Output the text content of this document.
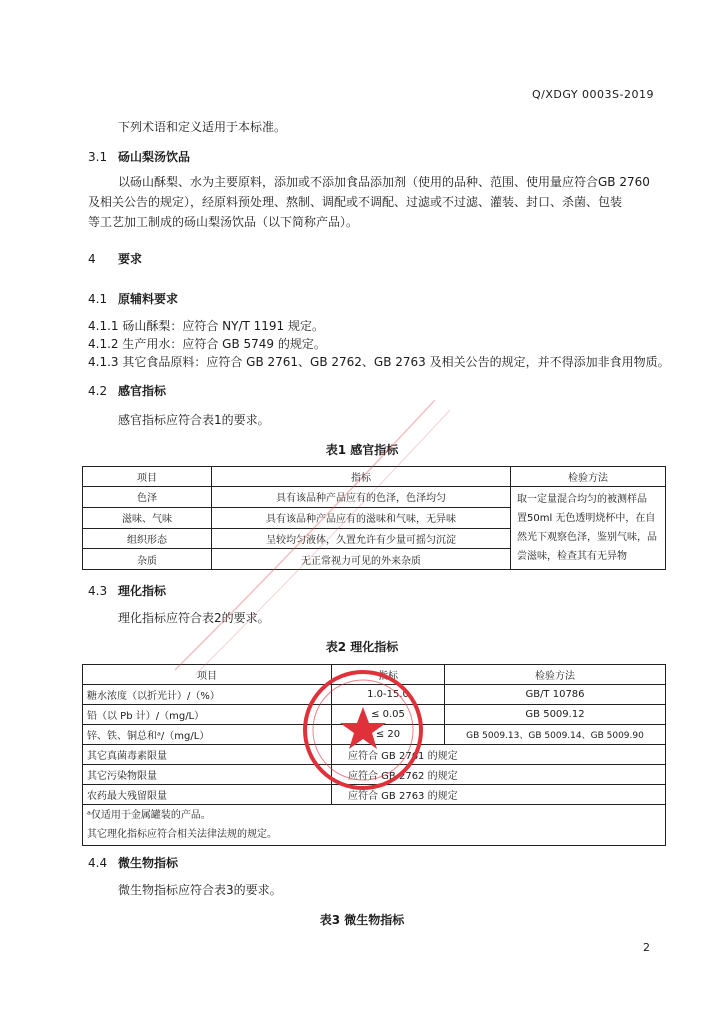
Q/XDGY 0003S-2019
下列术语和定义适用于本标准。
3.1 砀山梨汤饮品
以砀山酥梨、水为主要原料，添加或不添加食品添加剂（使用的品种、范围、使用量应符合GB 2760
及相关公告的规定），经原料预处理、熬制、调配或不调配、过滤或不过滤、灌装、封口、杀菌、包装
等工艺加工制成的砀山梨汤饮品（以下简称产品）。
4 要求
4.1 原辅料要求
4.1.1 砀山酥梨：应符合 NY/T 1191 规定。
4.1.2 生产用水：应符合 GB 5749 的规定。
4.1.3 其它食品原料：应符合 GB 2761、GB 2762、GB 2763 及相关公告的规定，并不得添加非食用物质。
4.2 感官指标
感官指标应符合表1的要求。
表1 感官指标
项目	指标	检验方法
色泽	具有该品种产品应有的色泽，色泽均匀	取一定量混合均匀的被测样品
置50ml 无色透明烧杯中，在自
然光下观察色泽，鉴别气味，品
尝滋味，检查其有无异物

滋味、气味	具有该品种产品应有的滋味和气味，无异味	
组织形态	呈较均匀液体，久置允许有少量可摇匀沉淀	
杂质	无正常视力可见的外来杂质	
4.3 理化指标
理化指标应符合表2的要求。
表2 理化指标
项目	指标	检验方法
糖水浓度（以折光计）/（%）	1.0-15.0	GB/T 10786
铅（以 Pb 计）/（mg/L）	≤ 0.05	GB 5009.12
锌、铁、铜总和ᵃ/（mg/L）	≤ 20	GB 5009.13、GB 5009.14、GB 5009.90
其它真菌毒素限量	应符合 GB 2761 的规定	
其它污染物限量	应符合 GB 2762 的规定	
农药最大残留限量	应符合 GB 2763 的规定	

ᵃ仅适用于金属罐装的产品。
其它理化指标应符合相关法律法规的规定。		
4.4 微生物指标
微生物指标应符合表3的要求。
表3 微生物指标
2
